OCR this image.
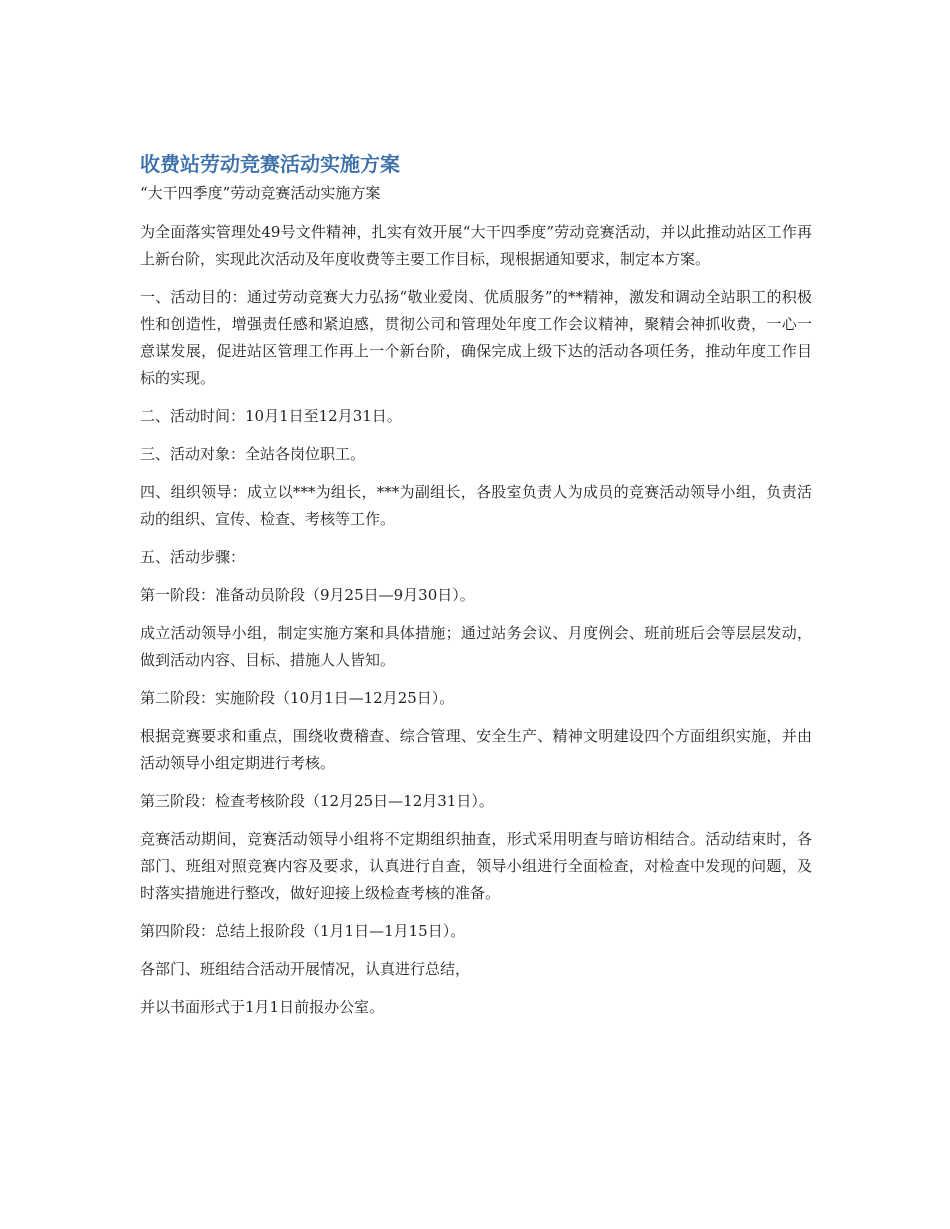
收费站劳动竞赛活动实施方案

“大干四季度”劳动竞赛活动实施方案

为全面落实管理处49号文件精神，扎实有效开展“大干四季度”劳动竞赛活动，并以此推动站区工作再上新台阶，实现此次活动及年度收费等主要工作目标，现根据通知要求，制定本方案。

一、活动目的：通过劳动竞赛大力弘扬“敬业爱岗、优质服务”的**精神，激发和调动全站职工的积极性和创造性，增强责任感和紧迫感，贯彻公司和管理处年度工作会议精神，聚精会神抓收费，一心一意谋发展，促进站区管理工作再上一个新台阶，确保完成上级下达的活动各项任务，推动年度工作目标的实现。

二、活动时间：10月1日至12月31日。

三、活动对象：全站各岗位职工。

四、组织领导：成立以***为组长，***为副组长，各股室负责人为成员的竞赛活动领导小组，负责活动的组织、宣传、检查、考核等工作。

五、活动步骤：

第一阶段：准备动员阶段（9月25日—9月30日）。

成立活动领导小组，制定实施方案和具体措施；通过站务会议、月度例会、班前班后会等层层发动，做到活动内容、目标、措施人人皆知。

第二阶段：实施阶段（10月1日—12月25日）。

根据竞赛要求和重点，围绕收费稽查、综合管理、安全生产、精神文明建设四个方面组织实施，并由活动领导小组定期进行考核。

第三阶段：检查考核阶段（12月25日—12月31日）。

竞赛活动期间，竞赛活动领导小组将不定期组织抽查，形式采用明查与暗访相结合。活动结束时，各部门、班组对照竞赛内容及要求，认真进行自查，领导小组进行全面检查，对检查中发现的问题，及时落实措施进行整改，做好迎接上级检查考核的准备。

第四阶段：总结上报阶段（1月1日—1月15日）。

各部门、班组结合活动开展情况，认真进行总结，

并以书面形式于1月1日前报办公室。
